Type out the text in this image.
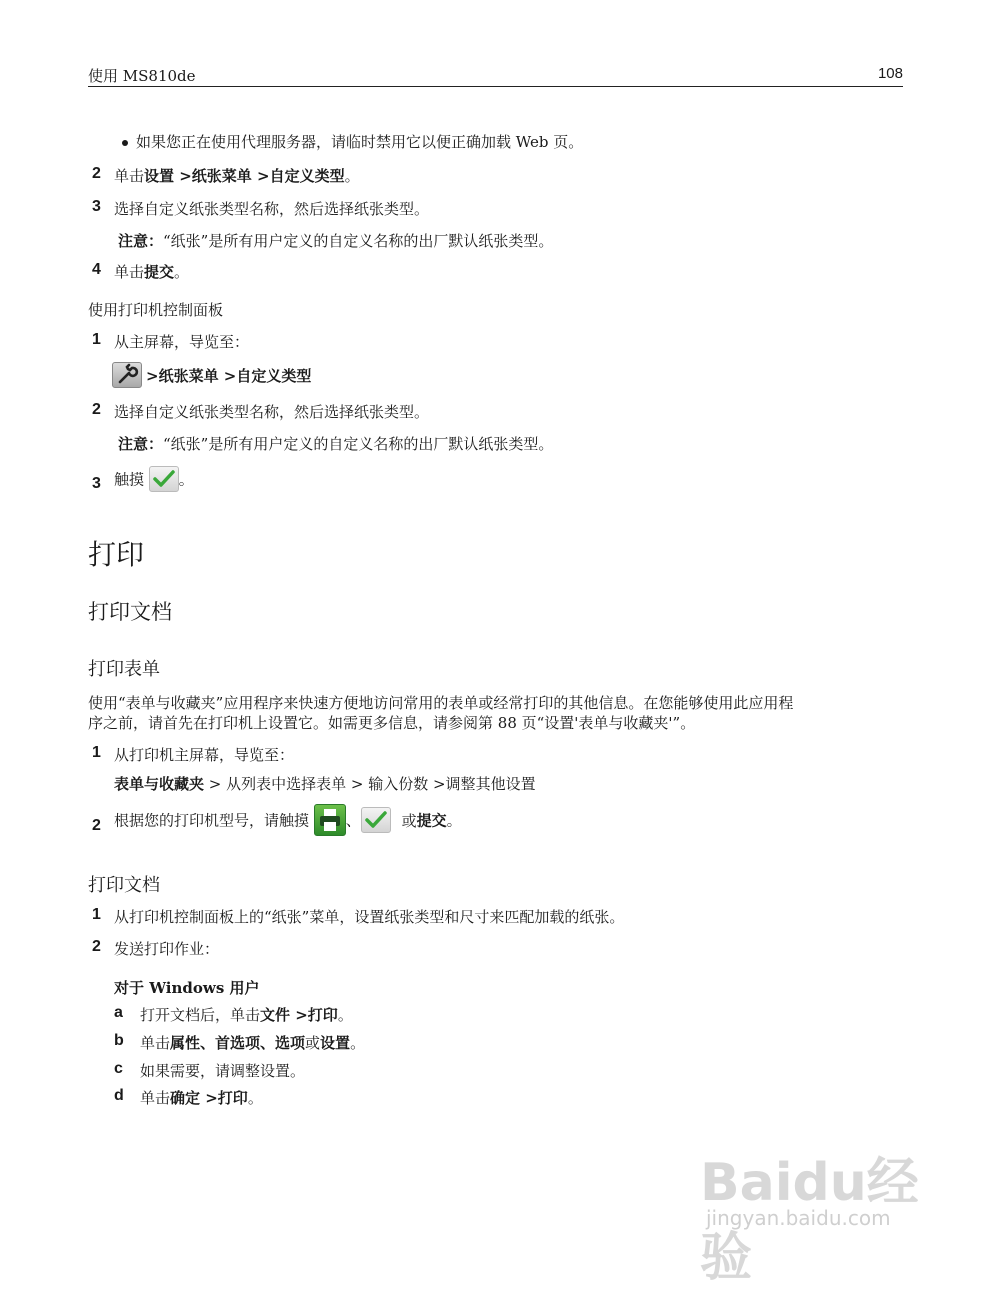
使用 MS810de	108
如果您正在使用代理服务器，请临时禁用它以便正确加载 Web 页。
2 单击设置 >纸张菜单 >自定义类型。
3 选择自定义纸张类型名称，然后选择纸张类型。
注意：“纸张”是所有用户定义的自定义名称的出厂默认纸张类型。
4 单击提交。
使用打印机控制面板
1 从主屏幕，导览至：
>纸张菜单 >自定义类型
2 选择自定义纸张类型名称，然后选择纸张类型。
注意：“纸张”是所有用户定义的自定义名称的出厂默认纸张类型。
3 触摸 。
打印
打印文档
打印表单
使用“表单与收藏夹”应用程序来快速方便地访问常用的表单或经常打印的其他信息。在您能够使用此应用程
序之前，请首先在打印机上设置它。如需更多信息，请参阅第 88 页“设置'表单与收藏夹'”。
1 从打印机主屏幕，导览至：
表单与收藏夹 > 从列表中选择表单 > 输入份数 >调整其他设置
2 根据您的打印机型号，请触摸 、	或提交。
打印文档
1 从打印机控制面板上的“纸张”菜单，设置纸张类型和尺寸来匹配加载的纸张。
2 发送打印作业：
对于 Windows 用户
a 打开文档后，单击文件 >打印。
b 单击属性、首选项、选项或设置。
c 如果需要，请调整设置。
d 单击确定 >打印。
Baidu经验
jingyan.baidu.com
